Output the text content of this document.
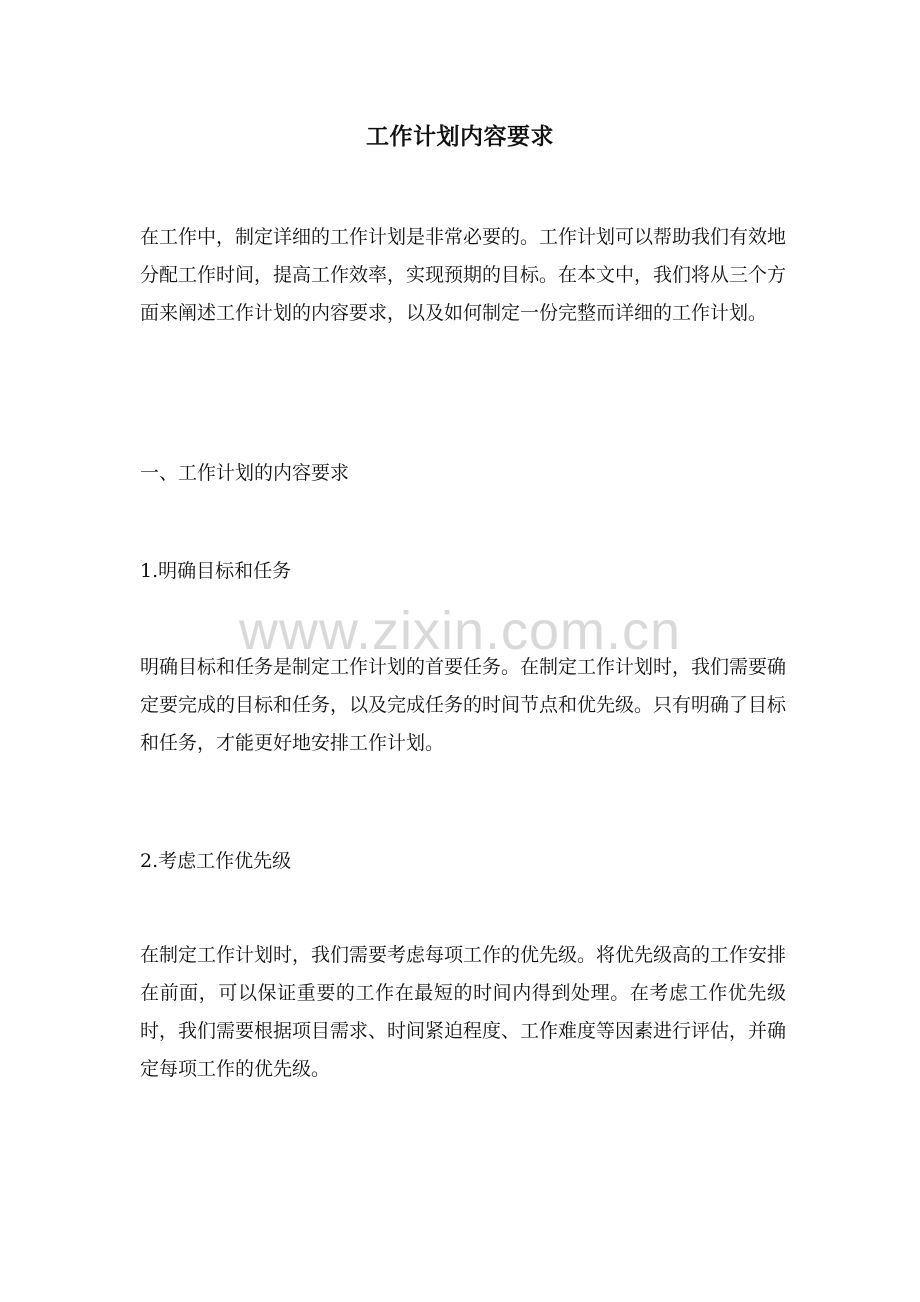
工作计划内容要求

在工作中，制定详细的工作计划是非常必要的。工作计划可以帮助我们有效地分配工作时间，提高工作效率，实现预期的目标。在本文中，我们将从三个方面来阐述工作计划的内容要求，以及如何制定一份完整而详细的工作计划。

一、工作计划的内容要求

1.明确目标和任务

明确目标和任务是制定工作计划的首要任务。在制定工作计划时，我们需要确定要完成的目标和任务，以及完成任务的时间节点和优先级。只有明确了目标和任务，才能更好地安排工作计划。

2.考虑工作优先级

在制定工作计划时，我们需要考虑每项工作的优先级。将优先级高的工作安排在前面，可以保证重要的工作在最短的时间内得到处理。在考虑工作优先级时，我们需要根据项目需求、时间紧迫程度、工作难度等因素进行评估，并确定每项工作的优先级。

www.zixin.com.cn
